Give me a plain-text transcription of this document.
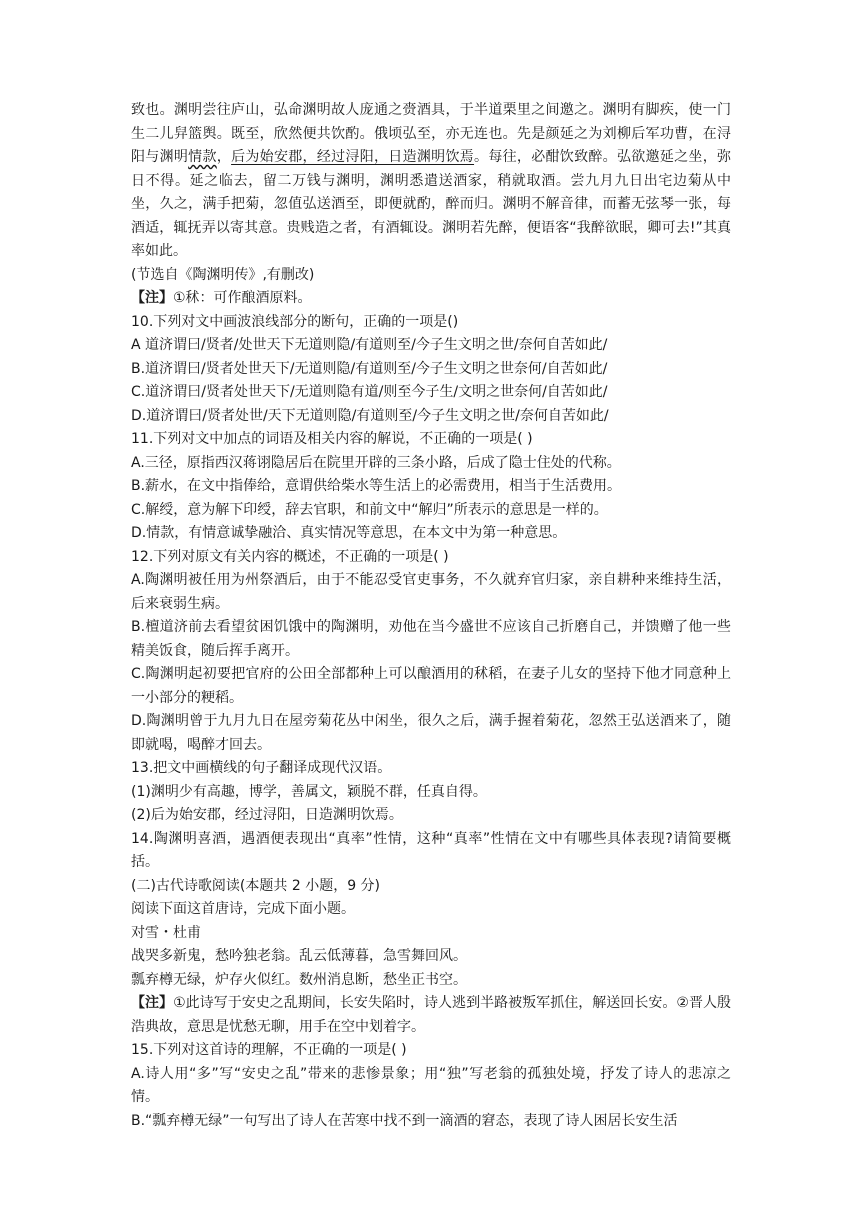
致也。渊明尝往庐山，弘命渊明故人庞通之赍酒具，于半道栗里之间邀之。渊明有脚疾，使一门生二儿舁篮舆。既至，欣然便共饮酌。俄顷弘至，亦无连也。先是颜延之为刘柳后军功曹，在浔阳与渊明情款，后为始安郡，经过浔阳，日造渊明饮焉。每往，必酣饮致醉。弘欲邀延之坐，弥日不得。延之临去，留二万钱与渊明，渊明悉遣送酒家，稍就取酒。尝九月九日出宅边菊从中坐，久之，满手把菊，忽值弘送酒至，即便就酌，醉而归。渊明不解音律，而蓄无弦琴一张，每酒适，辄抚弄以寄其意。贵贱造之者，有酒辄设。渊明若先醉，便语客“我醉欲眠，卿可去!”其真率如此。

(节选自《陶渊明传》,有删改)

【注】①秫：可作酿酒原料。

10.下列对文中画波浪线部分的断句，正确的一项是()

A 道济谓曰/贤者/处世天下无道则隐/有道则至/今子生文明之世/奈何自苦如此/

B.道济谓曰/贤者处世天下/无道则隐/有道则至/今子生文明之世奈何/自苦如此/

C.道济谓曰/贤者处世天下/无道则隐有道/则至今子生/文明之世奈何/自苦如此/

D.道济谓曰/贤者处世/天下无道则隐/有道则至/今子生文明之世/奈何自苦如此/

11.下列对文中加点的词语及相关内容的解说，不正确的一项是( )

A.三径，原指西汉蒋诩隐居后在院里开辟的三条小路，后成了隐士住处的代称。

B.薪水，在文中指俸给，意谓供给柴水等生活上的必需费用，相当于生活费用。

C.解绶，意为解下印绶，辞去官职，和前文中“解归”所表示的意思是一样的。

D.情款，有情意诚挚融洽、真实情况等意思，在本文中为第一种意思。

12.下列对原文有关内容的概述，不正确的一项是( )

A.陶渊明被任用为州祭酒后，由于不能忍受官吏事务，不久就弃官归家，亲自耕种来维持生活，后来衰弱生病。

B.檀道济前去看望贫困饥饿中的陶渊明，劝他在当今盛世不应该自己折磨自己，并馈赠了他一些精美饭食，随后挥手离开。

C.陶渊明起初要把官府的公田全部都种上可以酿酒用的秫稻，在妻子儿女的坚持下他才同意种上一小部分的粳稻。

D.陶渊明曾于九月九日在屋旁菊花丛中闲坐，很久之后，满手握着菊花，忽然王弘送酒来了，随即就喝，喝醉才回去。

13.把文中画横线的句子翻译成现代汉语。

(1)渊明少有高趣，博学，善属文，颖脱不群，任真自得。

(2)后为始安郡，经过浔阳，日造渊明饮焉。

14.陶渊明喜酒，遇酒便表现出“真率”性情，这种“真率”性情在文中有哪些具体表现?请简要概括。

(二)古代诗歌阅读(本题共 2 小题，9 分)

阅读下面这首唐诗，完成下面小题。

对雪・杜甫

战哭多新鬼，愁吟独老翁。乱云低薄暮，急雪舞回风。

瓢弃樽无绿，炉存火似红。数州消息断，愁坐正书空。

【注】①此诗写于安史之乱期间，长安失陷时，诗人逃到半路被叛军抓住，解送回长安。②晋人殷浩典故，意思是忧愁无聊，用手在空中划着字。

15.下列对这首诗的理解，不正确的一项是( )

A.诗人用“多”写“安史之乱”带来的悲惨景象；用“独”写老翁的孤独处境，抒发了诗人的悲凉之情。

B.“瓢弃樽无绿”一句写出了诗人在苦寒中找不到一滴酒的窘态，表现了诗人困居长安生活
